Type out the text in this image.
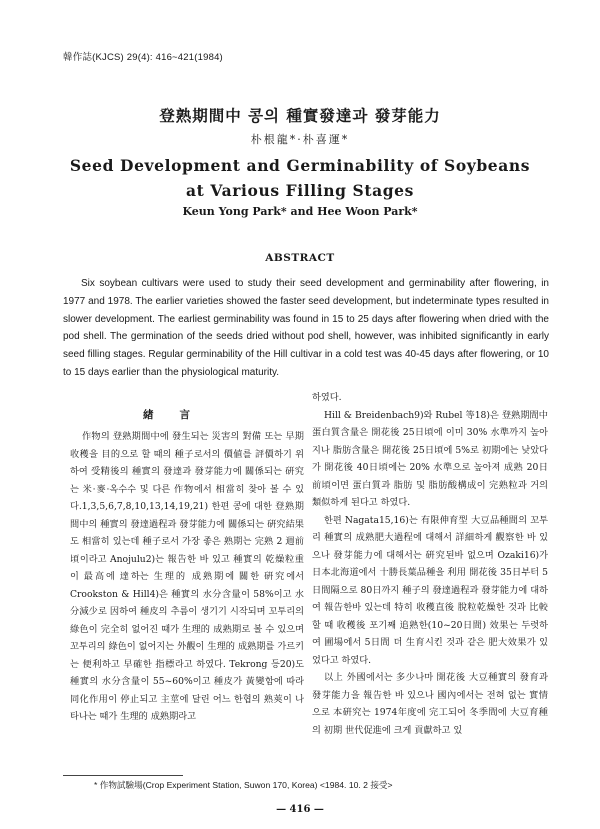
韓作誌(KJCS) 29(4): 416~421(1984)
登熟期間中 콩의 種實發達과 發芽能力
朴根龍*·朴喜運*
Seed Development and Germinability of Soybeans
at Various Filling Stages
Keun Yong Park* and Hee Woon Park*
ABSTRACT

Six soybean cultivars were used to study their seed development and germinability after flowering, in 1977 and 1978. The earlier varieties showed the faster seed development, but indeterminate types resulted in slower development. The earliest germinability was found in 15 to 25 days after flowering when dried with the pod shell. The germination of the seeds dried without pod shell, however, was inhibited significantly in early seed filling stages. Regular germinability of the Hill cultivar in a cold test was 40-45 days after flowering, or 10 to 15 days earlier than the physiological maturity.

緖言

作物의 登熟期間中에 發生되는 災害의 對備 또는 早期收穫을 目的으로 할 때의 種子로서의 價値를 評價하기 위하여 受精後의 種實의 發達과 發芽能力에 關係되는 硏究는 米·麥·옥수수 및 다른 作物에서 相當히 찾아 볼 수 있다.1,3,5,6,7,8,10,13,14,19,21) 한편 콩에 대한 登熟期間中의 種實의 發達過程과 發芽能力에 關係되는 硏究結果도 相當히 있는데 種子로서 가장 좋은 熟期는 完熟 2 週前頃이라고 Anojulu2)는 報告한 바 있고 種實의 乾燥粒重이 最高에 達하는 生理的 成熟期에 關한 硏究에서 Crookston & Hill4)은 種實의 水分含量이 58%이고 水分減少로 因하여 種皮의 추름이 생기기 시작되며 꼬투리의 綠色이 完全히 없어진 때가 生理的 成熟期로 볼 수 있으며 꼬투리의 綠色이 없어지는 外觀이 生理的 成熟期를 가르키는 便利하고 早確한 指標라고 하였다. Tekrong 등20)도 種實의 水分含量이 55~60%이고 種皮가 黃變함에 따라 同化作用이 停止되고 主莖에 달린 어느 한협의 熟莢이 나타나는 때가 生理的 成熟期라고

하였다.

Hill & Breidenbach9)와 Rubel 等18)은 登熟期間中 蛋白質含量은 開花後 25日頃에 이미 30% 水準까지 높아지나 脂肪含量은 開花後 25日頃에 5%로 初期에는 낮았다가 開花後 40日頃에는 20% 水準으로 높아져 成熟 20日前頃이면 蛋白質과 脂肪 및 脂肪酸構成이 完熟粒과 거의 類似하게 된다고 하였다.

한편 Nagata15,16)는 有限伸育型 大豆品種間의 꼬투리 種實의 成熟肥大過程에 대해서 詳細하게 觀察한 바 있으나 發芽能力에 대해서는 硏究된바 없으며 Ozaki16)가 日本北海道에서 十勝長葉品種을 利用 開花後 35日부터 5日間隔으로 80日까지 種子의 發達過程과 發芽能力에 대하여 報告한바 있는데 特히 收穫直後 脫粒乾燥한 것과 比較할 때 收穫後 포기째 追熟한(10~20日間) 效果는 두렷하여 圃場에서 5日間 더 生育시킨 것과 같은 肥大效果가 있었다고 하였다.

以上 外國에서는 多少나마 開花後 大豆種實의 發育과 發芽能力을 報告한 바 있으나 國內에서는 전혀 없는 實情으로 本硏究는 1974年度에 完工되어 冬季間에 大豆育種의 初期 世代促進에 크게 貢獻하고 있

* 作物試驗場(Crop Experiment Station, Suwon 170, Korea) <1984. 10. 2 接受>
— 416 —
